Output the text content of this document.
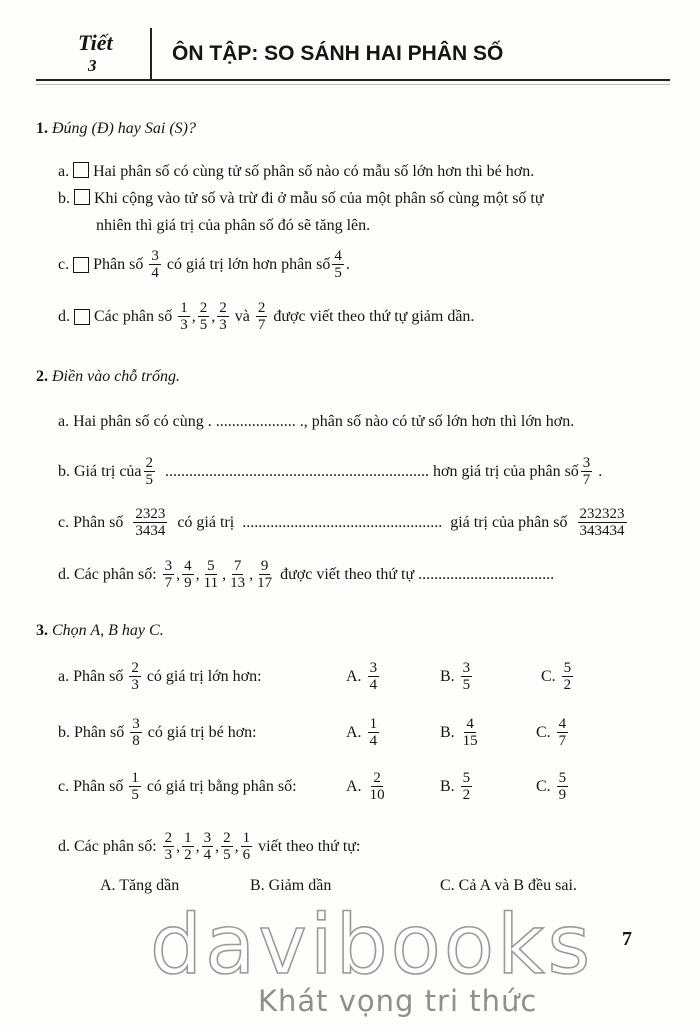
Tiết
3
ÔN TẬP: SO SÁNH HAI PHÂN SỐ
1. Đúng (Đ) hay Sai (S)?
a. Hai phân số có cùng tử số phân số nào có mẫu số lớn hơn thì bé hơn.
b. Khi cộng vào tử số và trừ đi ở mẫu số của một phân số cùng một số tự
nhiên thì giá trị của phân số đó sẽ tăng lên.
c.
Phân số
$\frac{3}{4}$
có giá trị lớn hơn phân số $\frac{4}{5}$ .
d.
Các phân số
$\frac{1}{3}$ , $\frac{2}{5}$ , $\frac{2}{3}$
và
$\frac{2}{7}$
được viết theo thứ tự giảm dần.
2. Điền vào chỗ trống.
a. Hai phân số có cùng . .................... ., phân số nào có tử số lớn hơn thì lớn hơn.
b. Giá trị của $\frac{2}{5}$
..................................................................
hơn giá trị của phân số $\frac{3}{7}$
.
c. Phân số
$\frac{2323}{3434}$
có giá trị
..................................................
giá trị của phân số
$\frac{232323}{343434}$
d. Các phân số:
$\frac{3}{7}$ , $\frac{4}{9}$ , $\frac{5}{11}$ , $\frac{7}{13}$ , $\frac{9}{17}$
được viết theo thứ tự
..................................
3. Chọn A, B hay C.
a. Phân số
$\frac{2}{3}$
có giá trị lớn hơn:	A.
$\frac{3}{4}$	B.
$\frac{3}{5}$	C.
$\frac{5}{2}$
b. Phân số
$\frac{3}{8}$
có giá trị bé hơn:	A.
$\frac{1}{4}$	B.
$\frac{4}{15}$	C.
$\frac{4}{7}$
c. Phân số
$\frac{1}{5}$
có giá trị bằng phân số:	A.
$\frac{2}{10}$	B.
$\frac{5}{2}$	C.
$\frac{5}{9}$
d. Các phân số:
$\frac{2}{3}$ , $\frac{1}{2}$ , $\frac{3}{4}$ , $\frac{2}{5}$ , $\frac{1}{6}$
viết theo thứ tự:
A. Tăng dần	B. Giảm dần	C. Cả A và B đều sai.
davibooks
Khát vọng tri thức
7
